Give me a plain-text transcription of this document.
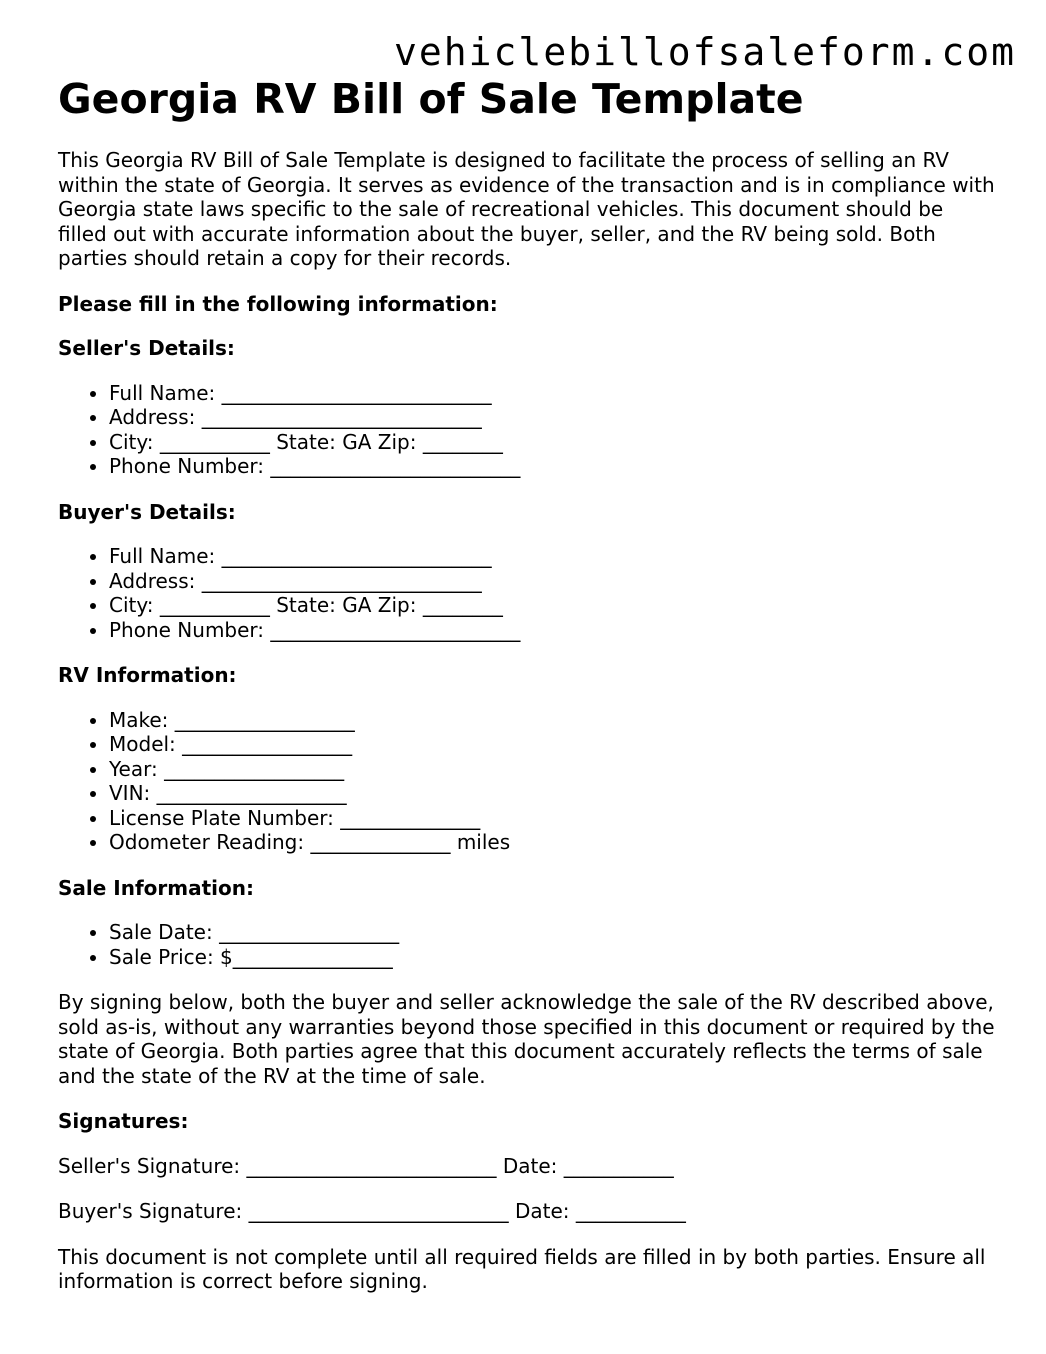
vehiclebillofsaleform.com
Georgia RV Bill of Sale Template

This Georgia RV Bill of Sale Template is designed to facilitate the process of selling an RV within the state of Georgia. It serves as evidence of the transaction and is in compliance with Georgia state laws specific to the sale of recreational vehicles. This document should be filled out with accurate information about the buyer, seller, and the RV being sold. Both parties should retain a copy for their records.

Please fill in the following information:
Seller's Details:
• Full Name: ___________________________
• Address: ____________________________
• City: ___________ State: GA Zip: ________
• Phone Number: _________________________
Buyer's Details:
• Full Name: ___________________________
• Address: ____________________________
• City: ___________ State: GA Zip: ________
• Phone Number: _________________________
RV Information:
• Make: __________________
• Model: _________________
• Year: __________________
• VIN: ___________________
• License Plate Number: ______________
• Odometer Reading: ______________ miles
Sale Information:
• Sale Date: __________________
• Sale Price: $________________

By signing below, both the buyer and seller acknowledge the sale of the RV described above, sold as-is, without any warranties beyond those specified in this document or required by the state of Georgia. Both parties agree that this document accurately reflects the terms of sale and the state of the RV at the time of sale.

Signatures:

Seller's Signature: _________________________ Date: ___________

Buyer's Signature: __________________________ Date: ___________

This document is not complete until all required fields are filled in by both parties. Ensure all information is correct before signing.
